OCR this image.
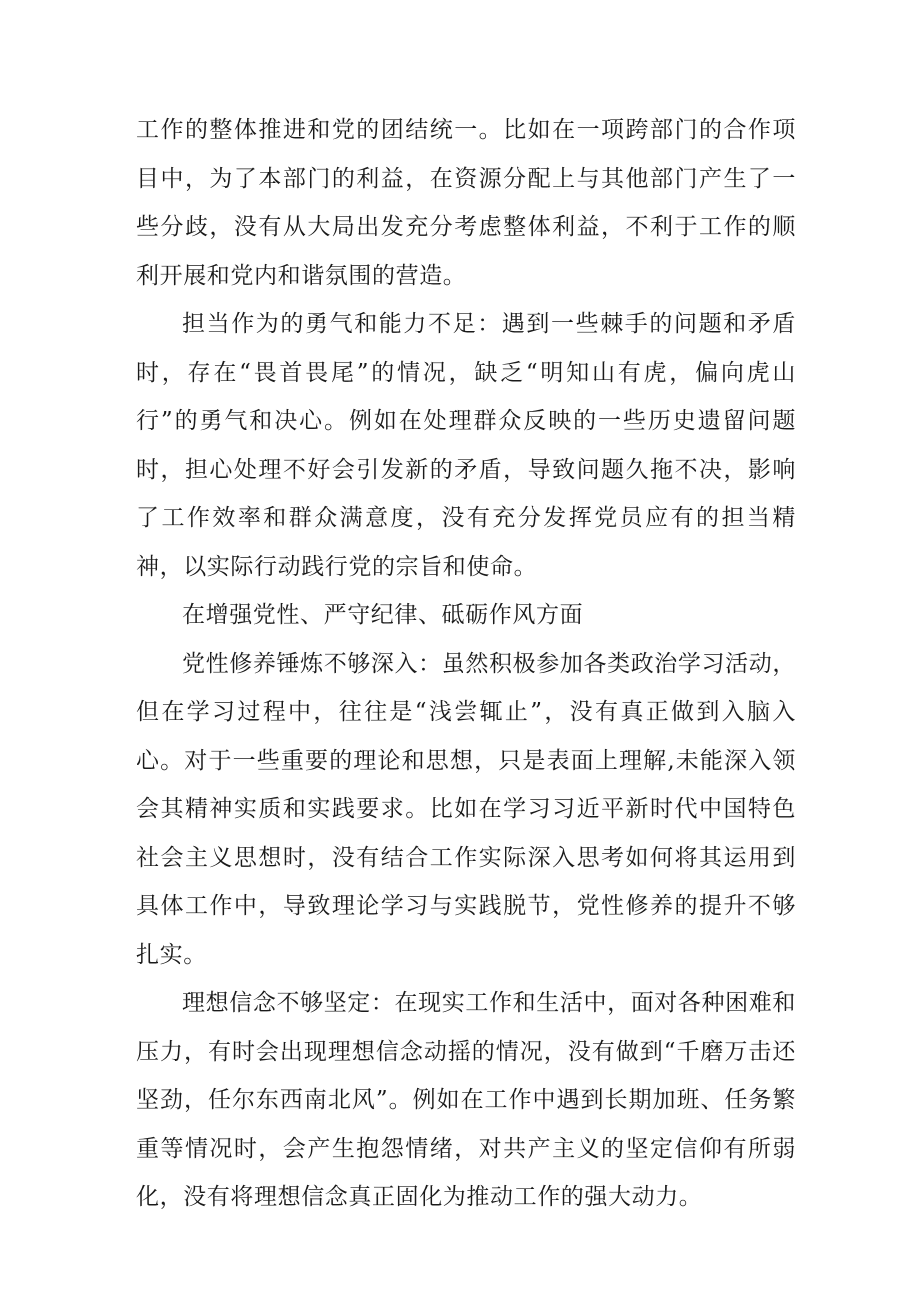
工作的整体推进和党的团结统一。比如在一项跨部门的合作项目中，为了本部门的利益，在资源分配上与其他部门产生了一些分歧，没有从大局出发充分考虑整体利益，不利于工作的顺利开展和党内和谐氛围的营造。

担当作为的勇气和能力不足：遇到一些棘手的问题和矛盾时，存在“畏首畏尾”的情况，缺乏“明知山有虎，偏向虎山行”的勇气和决心。例如在处理群众反映的一些历史遗留问题时，担心处理不好会引发新的矛盾，导致问题久拖不决，影响了工作效率和群众满意度，没有充分发挥党员应有的担当精神，以实际行动践行党的宗旨和使命。

在增强党性、严守纪律、砥砺作风方面

党性修养锤炼不够深入：虽然积极参加各类政治学习活动，但在学习过程中，往往是“浅尝辄止”，没有真正做到入脑入心。对于一些重要的理论和思想，只是表面上理解,未能深入领会其精神实质和实践要求。比如在学习习近平新时代中国特色社会主义思想时，没有结合工作实际深入思考如何将其运用到具体工作中，导致理论学习与实践脱节，党性修养的提升不够扎实。

理想信念不够坚定：在现实工作和生活中，面对各种困难和压力，有时会出现理想信念动摇的情况，没有做到“千磨万击还坚劲，任尔东西南北风”。例如在工作中遇到长期加班、任务繁重等情况时，会产生抱怨情绪，对共产主义的坚定信仰有所弱化，没有将理想信念真正固化为推动工作的强大动力。
